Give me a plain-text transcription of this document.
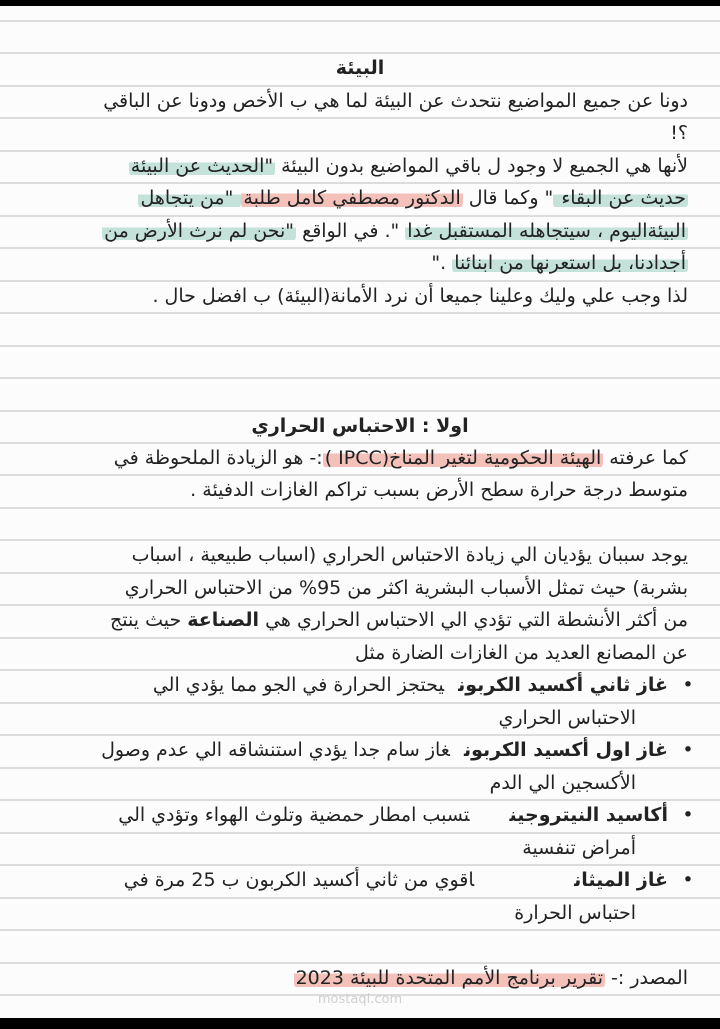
البيئة
دونا عن جميع المواضيع نتحدث عن البيئة لما هي ب الأخص ودونا عن الباقي
؟!
لأنها هي الجميع لا وجود ل باقي المواضيع بدون البيئة "الحديث عن البيئة
حديث عن البقاء " وكما قال الدكتور مصطفي كامل طلبة "من يتجاهل
البيئةاليوم ، سيتجاهله المستقبل غدا ". في الواقع "نحن لم نرث الأرض من
أجدادنا، بل استعرنها من ابنائنا ."
لذا وجب علي وليك وعلينا جميعا أن نرد الأمانة(البيئة) ب افضل حال .
اولا : الاحتباس الحراري
كما عرفته الهيئة الحكومية لتغير المناخ(IPCC ):- هو الزيادة الملحوظة في
متوسط درجة حرارة سطح الأرض بسبب تراكم الغازات الدفيئة .
يوجد سببان يؤديان الي زيادة الاحتباس الحراري (اسباب طبيعية ، اسباب
بشربة) حيث تمثل الأسباب البشرية اكثر من 95% من الاحتباس الحراري
من أكثر الأنشطة التي تؤدي الي الاحتباس الحراري هي الصناعة حيث ينتج
عن المصانع العديد من الغازات الضارة مثل
•
غاز ثاني أكسيد الكربونيحتجز الحرارة في الجو مما يؤدي الي
الاحتباس الحراري
•
غاز اول أكسيد الكربونغاز سام جدا يؤدي استنشاقه الي عدم وصول
الأكسجين الي الدم
•
أكاسيد النيتروجينتسبب امطار حمضية وتلوث الهواء وتؤدي الي
أمراض تنفسية
•
غاز الميثاناقوي من ثاني أكسيد الكربون ب 25 مرة في
احتباس الحرارة
المصدر :- تقرير برنامج الأمم المتحدة للبيئة 2023
mostaql.com
